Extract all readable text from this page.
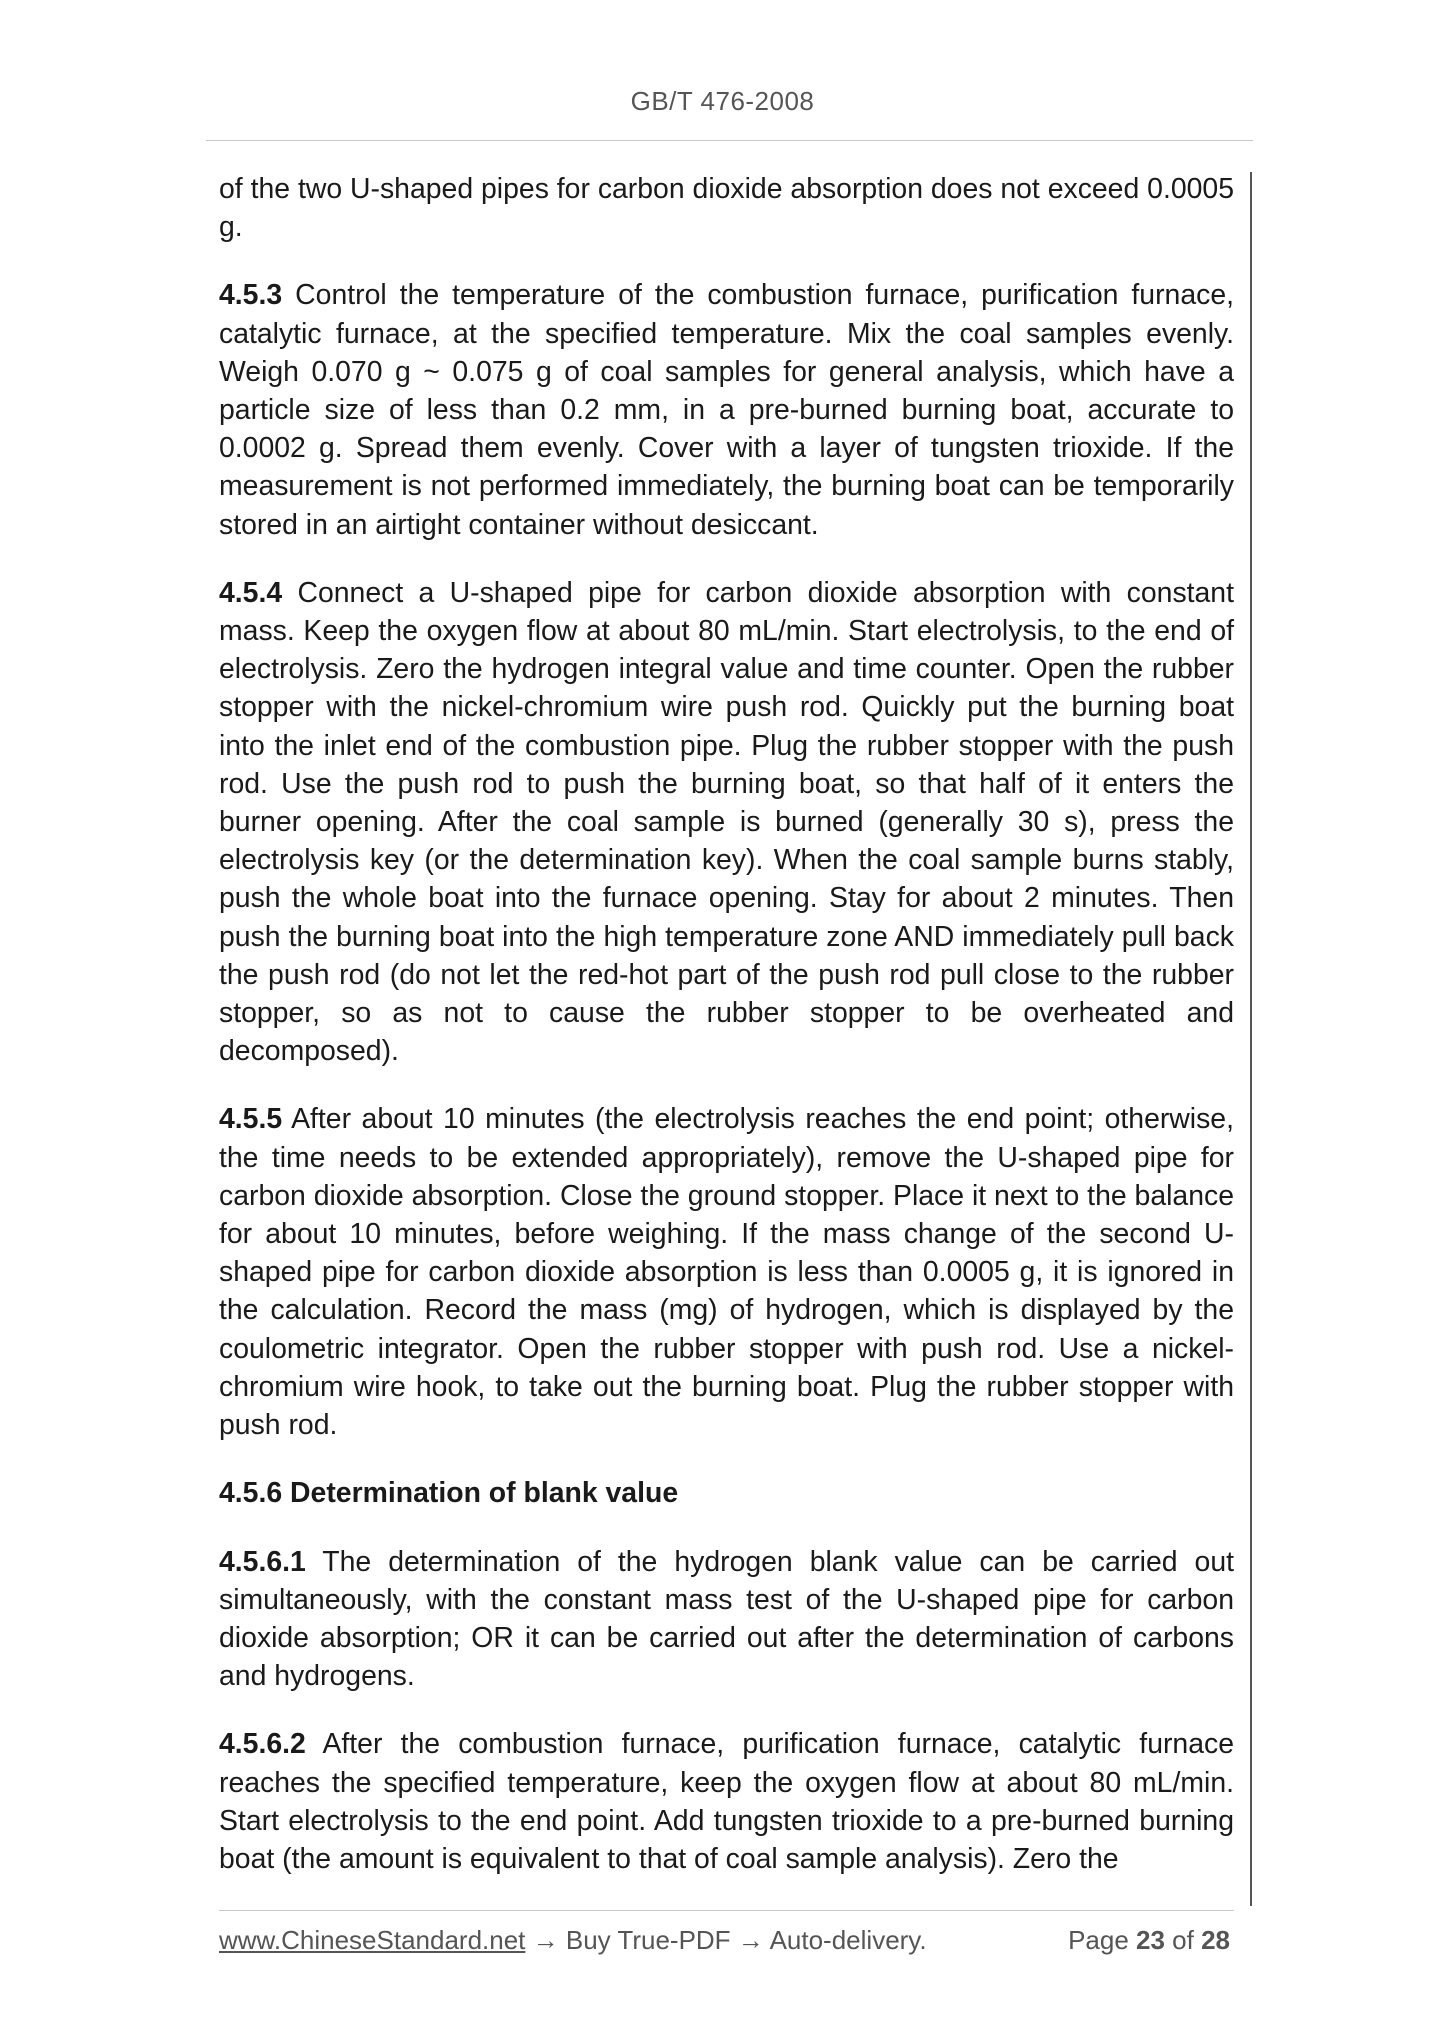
GB/T 476-2008

of the two U-shaped pipes for carbon dioxide absorption does not exceed 0.0005 g.

4.5.3 Control the temperature of the combustion furnace, purification furnace, catalytic furnace, at the specified temperature. Mix the coal samples evenly. Weigh 0.070 g ~ 0.075 g of coal samples for general analysis, which have a particle size of less than 0.2 mm, in a pre-burned burning boat, accurate to 0.0002 g. Spread them evenly. Cover with a layer of tungsten trioxide. If the measurement is not performed immediately, the burning boat can be temporarily stored in an airtight container without desiccant.

4.5.4 Connect a U-shaped pipe for carbon dioxide absorption with constant mass. Keep the oxygen flow at about 80 mL/min. Start electrolysis, to the end of electrolysis. Zero the hydrogen integral value and time counter. Open the rubber stopper with the nickel-chromium wire push rod. Quickly put the burning boat into the inlet end of the combustion pipe. Plug the rubber stopper with the push rod. Use the push rod to push the burning boat, so that half of it enters the burner opening. After the coal sample is burned (generally 30 s), press the electrolysis key (or the determination key). When the coal sample burns stably, push the whole boat into the furnace opening. Stay for about 2 minutes. Then push the burning boat into the high temperature zone AND immediately pull back the push rod (do not let the red-hot part of the push rod pull close to the rubber stopper, so as not to cause the rubber stopper to be overheated and decomposed).

4.5.5 After about 10 minutes (the electrolysis reaches the end point; otherwise, the time needs to be extended appropriately), remove the U-shaped pipe for carbon dioxide absorption. Close the ground stopper. Place it next to the balance for about 10 minutes, before weighing. If the mass change of the second U-shaped pipe for carbon dioxide absorption is less than 0.0005 g, it is ignored in the calculation. Record the mass (mg) of hydrogen, which is displayed by the coulometric integrator. Open the rubber stopper with push rod. Use a nickel-chromium wire hook, to take out the burning boat. Plug the rubber stopper with push rod.

4.5.6 Determination of blank value

4.5.6.1 The determination of the hydrogen blank value can be carried out simultaneously, with the constant mass test of the U-shaped pipe for carbon dioxide absorption; OR it can be carried out after the determination of carbons and hydrogens.

4.5.6.2 After the combustion furnace, purification furnace, catalytic furnace reaches the specified temperature, keep the oxygen flow at about 80 mL/min. Start electrolysis to the end point. Add tungsten trioxide to a pre-burned burning boat (the amount is equivalent to that of coal sample analysis). Zero the

www.ChineseStandard.net → Buy True-PDF → Auto-delivery.	Page 23 of 28
